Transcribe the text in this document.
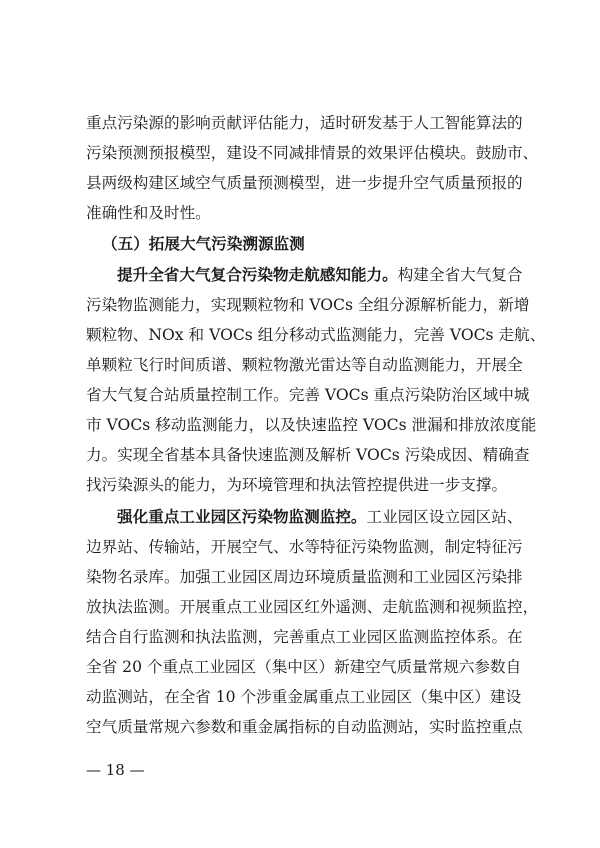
重点污染源的影响贡献评估能力，适时研发基于人工智能算法的
污染预测预报模型，建设不同减排情景的效果评估模块。鼓励市、
县两级构建区域空气质量预测模型，进一步提升空气质量预报的
准确性和及时性。
（五）拓展大气污染溯源监测
提升全省大气复合污染物走航感知能力。构建全省大气复合
污染物监测能力，实现颗粒物和 VOCs 全组分源解析能力，新增
颗粒物、NOx 和 VOCs 组分移动式监测能力，完善 VOCs 走航、
单颗粒飞行时间质谱、颗粒物激光雷达等自动监测能力，开展全
省大气复合站质量控制工作。完善 VOCs 重点污染防治区域中城
市 VOCs 移动监测能力，以及快速监控 VOCs 泄漏和排放浓度能
力。实现全省基本具备快速监测及解析 VOCs 污染成因、精确查
找污染源头的能力，为环境管理和执法管控提供进一步支撑。
强化重点工业园区污染物监测监控。工业园区设立园区站、
边界站、传输站，开展空气、水等特征污染物监测，制定特征污
染物名录库。加强工业园区周边环境质量监测和工业园区污染排
放执法监测。开展重点工业园区红外遥测、走航监测和视频监控，
结合自行监测和执法监测，完善重点工业园区监测监控体系。在
全省 20 个重点工业园区（集中区）新建空气质量常规六参数自
动监测站，在全省 10 个涉重金属重点工业园区（集中区）建设
空气质量常规六参数和重金属指标的自动监测站，实时监控重点
— 18 —
